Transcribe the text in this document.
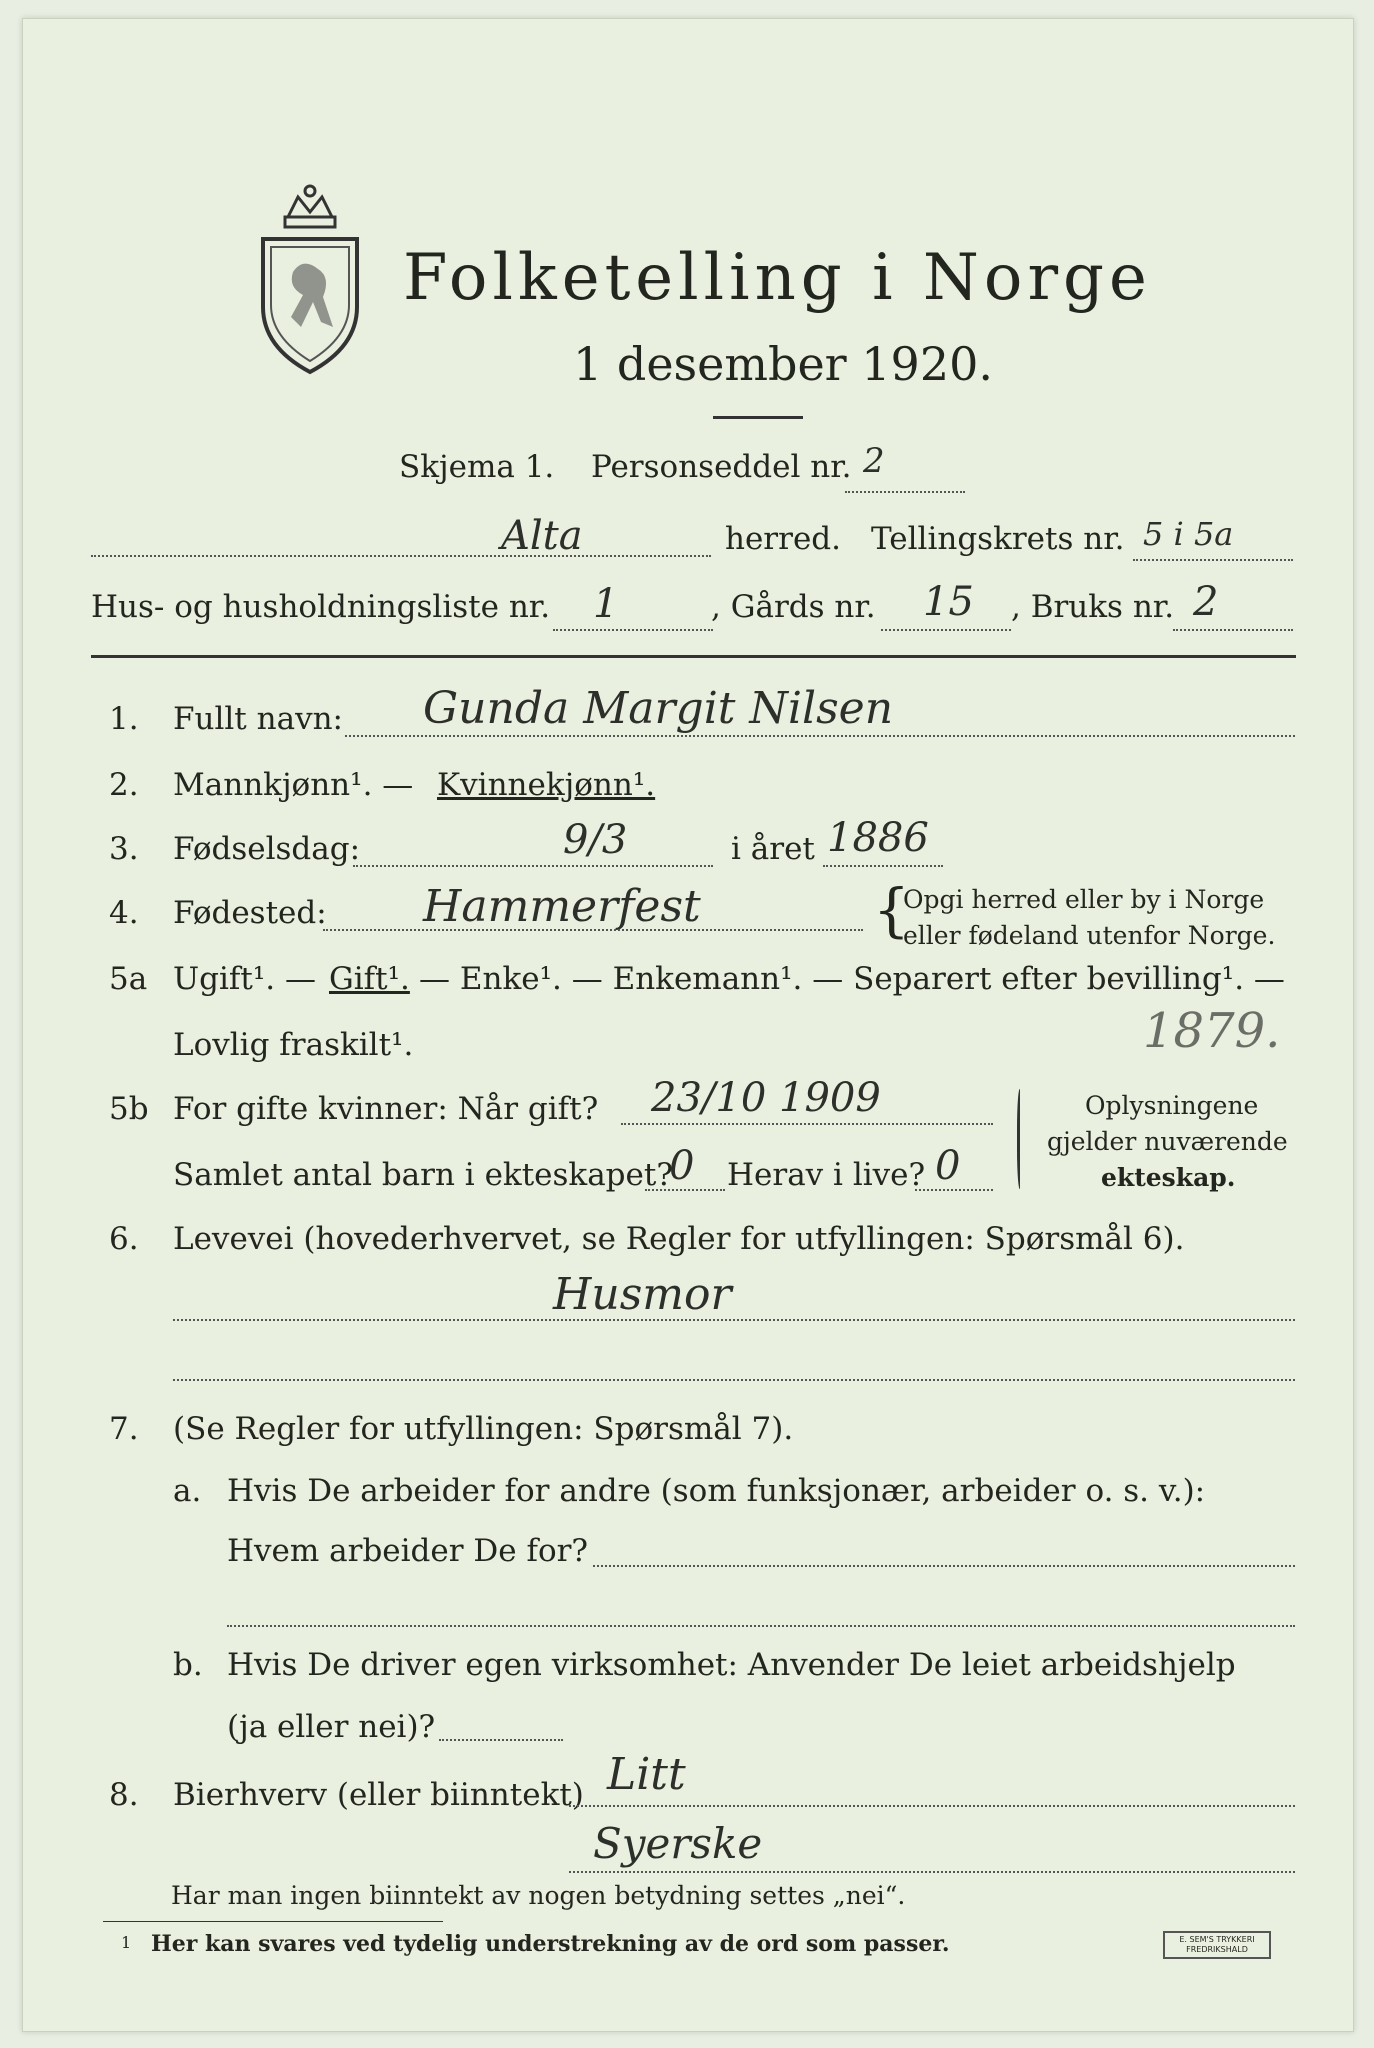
Folketelling i Norge
1 desember 1920.
Skjema 1. Personseddel nr. 2
Alta	herred. Tellingskrets nr. 5 i 5a
Hus- og husholdningsliste nr. 1	, Gårds nr. 15 , Bruks nr. 2
1. Fullt navn: Gunda Margit Nilsen
2. Mannkjønn¹. — Kvinnekjønn¹.
3. Fødselsdag:	9/3	i året 1886
4. Fødested: Hammerfest	{
Opgi herred eller by i Norge
eller fødeland utenfor Norge.
5a Ugift¹. — Gift¹. — Enke¹. — Enkemann¹. — Separert efter bevilling¹. —
Lovlig fraskilt¹.	1879.
5b For gifte kvinner: Når gift? 23/10 1909
Samlet antal barn i ekteskapet?
0 Herav i live? 0
Oplysningene
gjelder nuværende
ekteskap.
6. Levevei (hovederhvervet, se Regler for utfyllingen: Spørsmål 6).
Husmor
7. (Se Regler for utfyllingen: Spørsmål 7).
a. Hvis De arbeider for andre (som funksjonær, arbeider o. s. v.):
Hvem arbeider De for?
b. Hvis De driver egen virksomhet: Anvender De leiet arbeidshjelp
(ja eller nei)?
8. Bierhverv (eller biinntekt) Litt
Syerske
Har man ingen biinntekt av nogen betydning settes „nei“.
1 Her kan svares ved tydelig understrekning av de ord som passer.	E. SEM'S TRYKKERI FREDRIKSHALD
